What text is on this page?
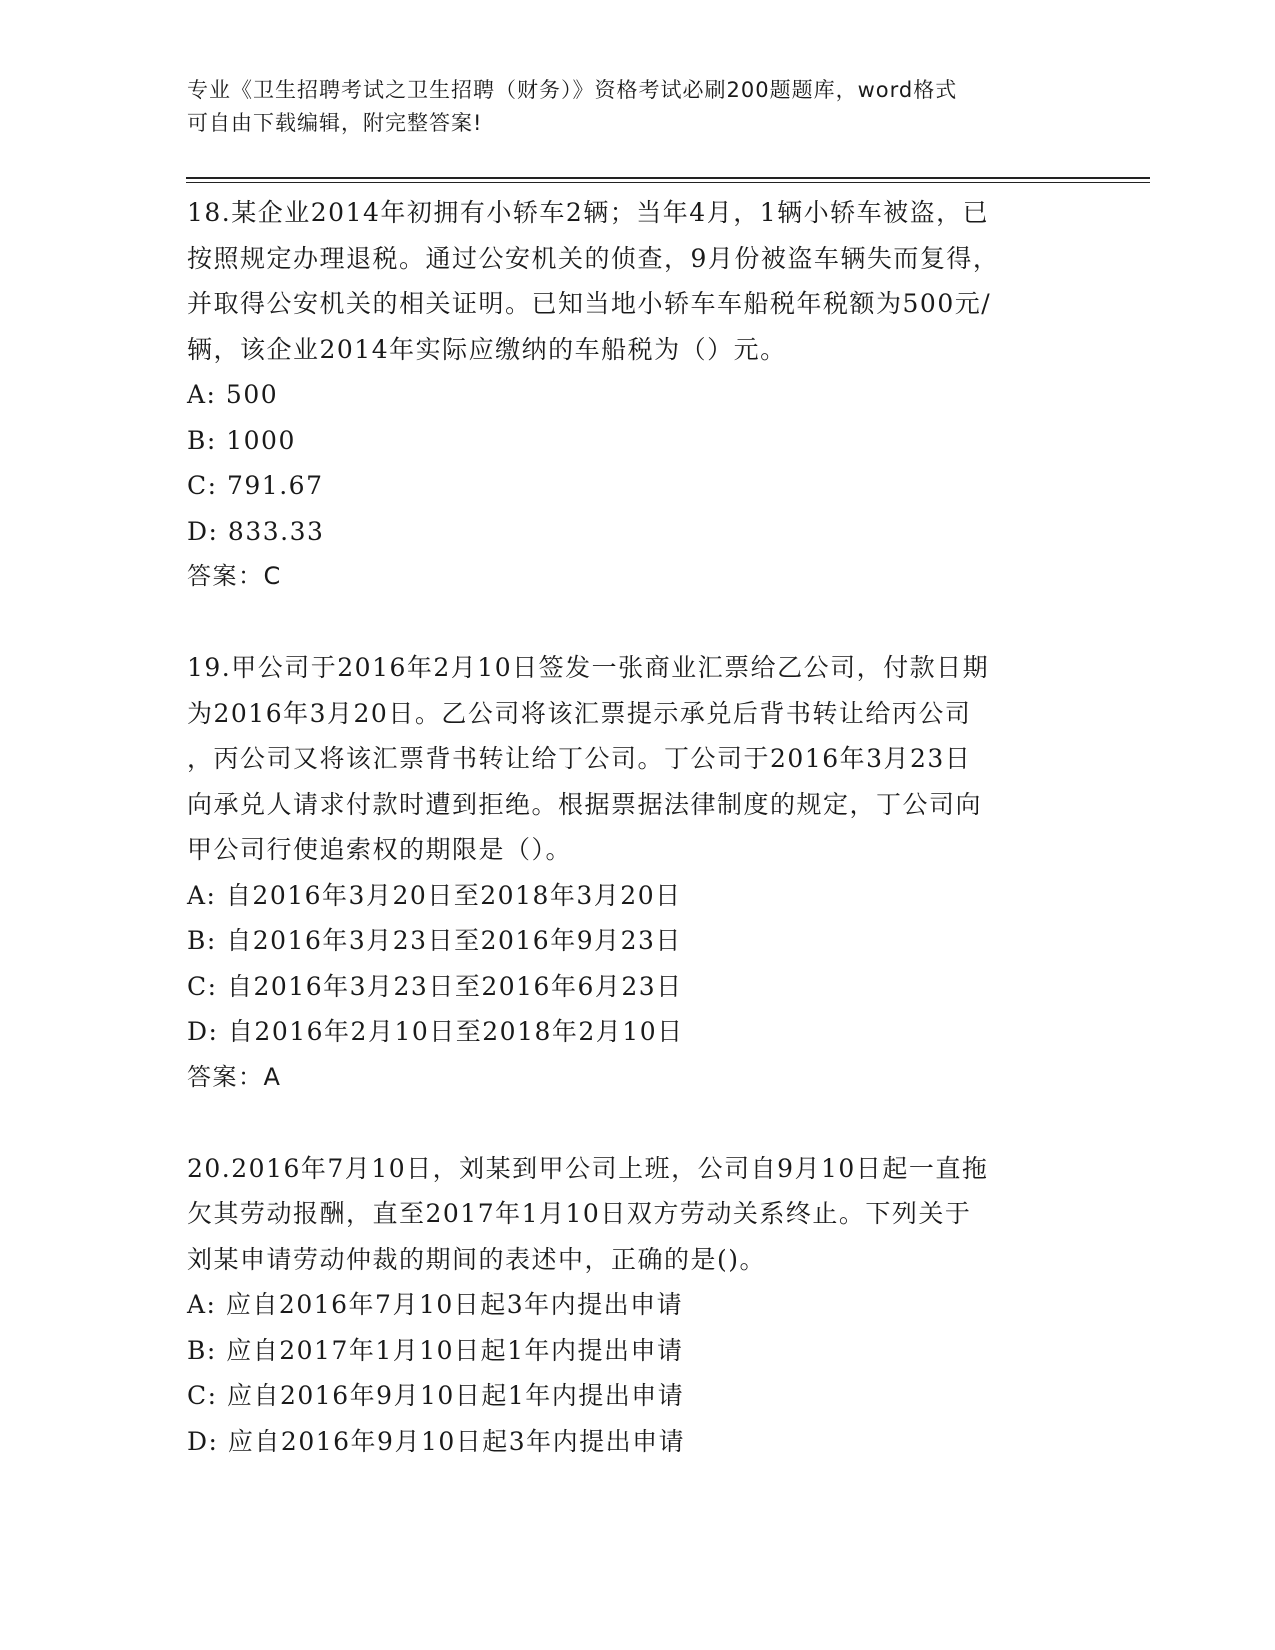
专业《卫生招聘考试之卫生招聘（财务）》资格考试必刷200题题库，word格式
可自由下载编辑，附完整答案!
18.某企业2014年初拥有小轿车2辆；当年4月，1辆小轿车被盗，已
按照规定办理退税。通过公安机关的侦查，9月份被盗车辆失而复得，
并取得公安机关的相关证明。已知当地小轿车车船税年税额为500元/
辆，该企业2014年实际应缴纳的车船税为（）元。
A: 500
B: 1000
C: 791.67
D: 833.33
答案：C
19.甲公司于2016年2月10日签发一张商业汇票给乙公司，付款日期
为2016年3月20日。乙公司将该汇票提示承兑后背书转让给丙公司
，丙公司又将该汇票背书转让给丁公司。丁公司于2016年3月23日
向承兑人请求付款时遭到拒绝。根据票据法律制度的规定，丁公司向
甲公司行使追索权的期限是（）。
A: 自2016年3月20日至2018年3月20日
B: 自2016年3月23日至2016年9月23日
C: 自2016年3月23日至2016年6月23日
D: 自2016年2月10日至2018年2月10日
答案：A
20.2016年7月10日，刘某到甲公司上班，公司自9月10日起一直拖
欠其劳动报酬，直至2017年1月10日双方劳动关系终止。下列关于
刘某申请劳动仲裁的期间的表述中，正确的是()。
A: 应自2016年7月10日起3年内提出申请
B: 应自2017年1月10日起1年内提出申请
C: 应自2016年9月10日起1年内提出申请
D: 应自2016年9月10日起3年内提出申请
